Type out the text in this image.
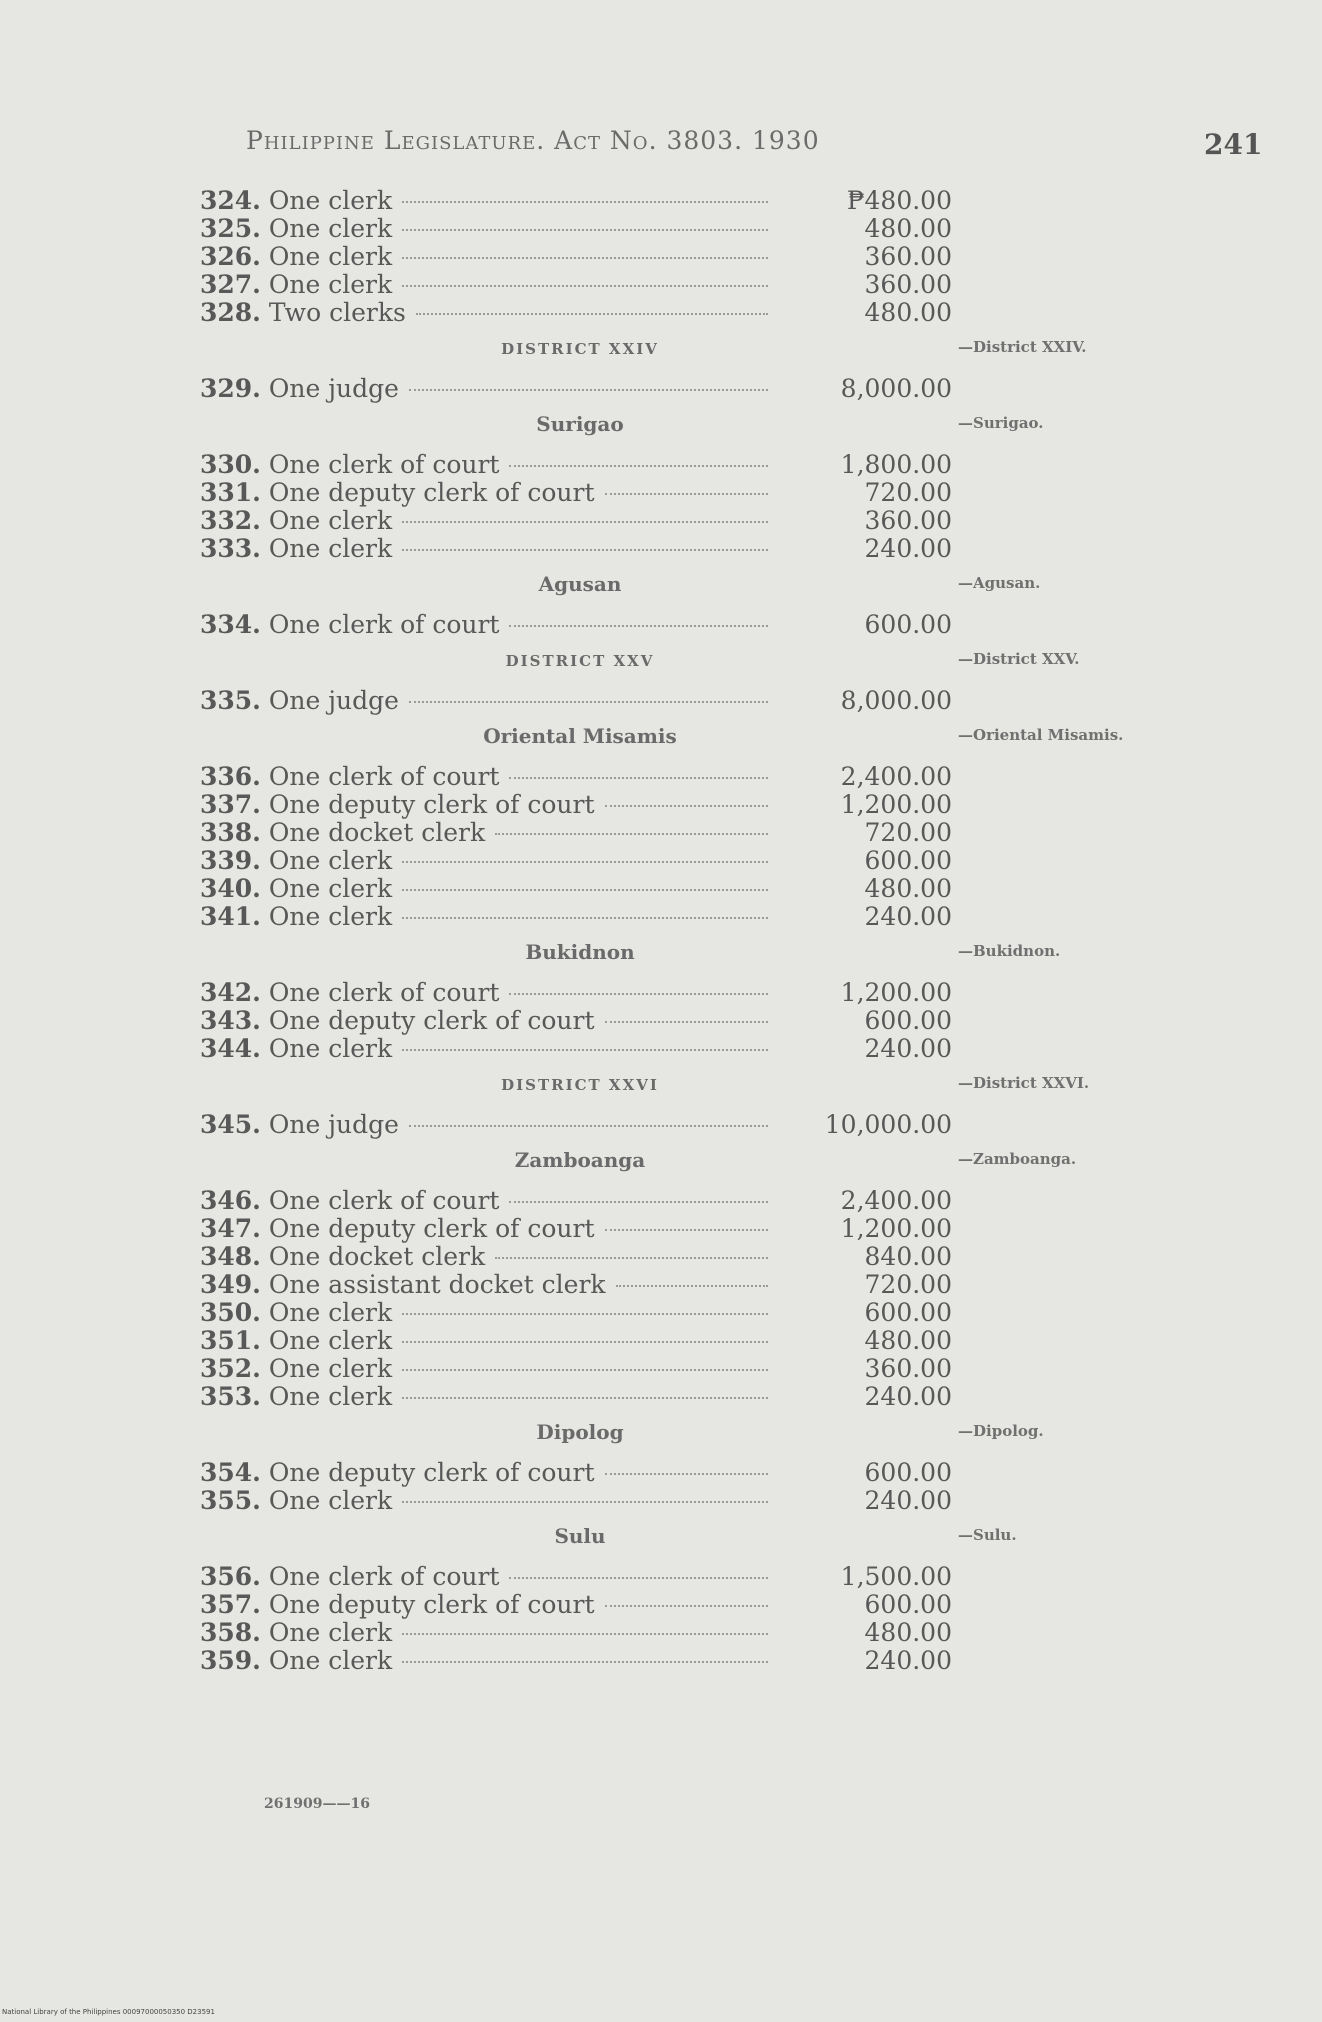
Philippine Legislature. Act No. 3803. 1930	241
324. One clerk	₱480.00
325. One clerk	480.00
326. One clerk	360.00
327. One clerk	360.00
328. Two clerks	480.00
DISTRICT XXIV	—District XXIV.
329. One judge	8,000.00
Surigao	—Surigao.
330. One clerk of court	1,800.00
331. One deputy clerk of court	720.00
332. One clerk	360.00
333. One clerk	240.00
Agusan	—Agusan.
334. One clerk of court	600.00
DISTRICT XXV	—District XXV.
335. One judge	8,000.00
Oriental Misamis	—Oriental Misamis.
336. One clerk of court	2,400.00
337. One deputy clerk of court	1,200.00
338. One docket clerk	720.00
339. One clerk	600.00
340. One clerk	480.00
341. One clerk	240.00
Bukidnon	—Bukidnon.
342. One clerk of court	1,200.00
343. One deputy clerk of court	600.00
344. One clerk	240.00
DISTRICT XXVI	—District XXVI.
345. One judge	10,000.00
Zamboanga	—Zamboanga.
346. One clerk of court	2,400.00
347. One deputy clerk of court	1,200.00
348. One docket clerk	840.00
349. One assistant docket clerk	720.00
350. One clerk	600.00
351. One clerk	480.00
352. One clerk	360.00
353. One clerk	240.00
Dipolog	—Dipolog.
354. One deputy clerk of court	600.00
355. One clerk	240.00
Sulu	—Sulu.
356. One clerk of court	1,500.00
357. One deputy clerk of court	600.00
358. One clerk	480.00
359. One clerk	240.00
261909——16
National Library of the Philippines 00097000050350 D23591
